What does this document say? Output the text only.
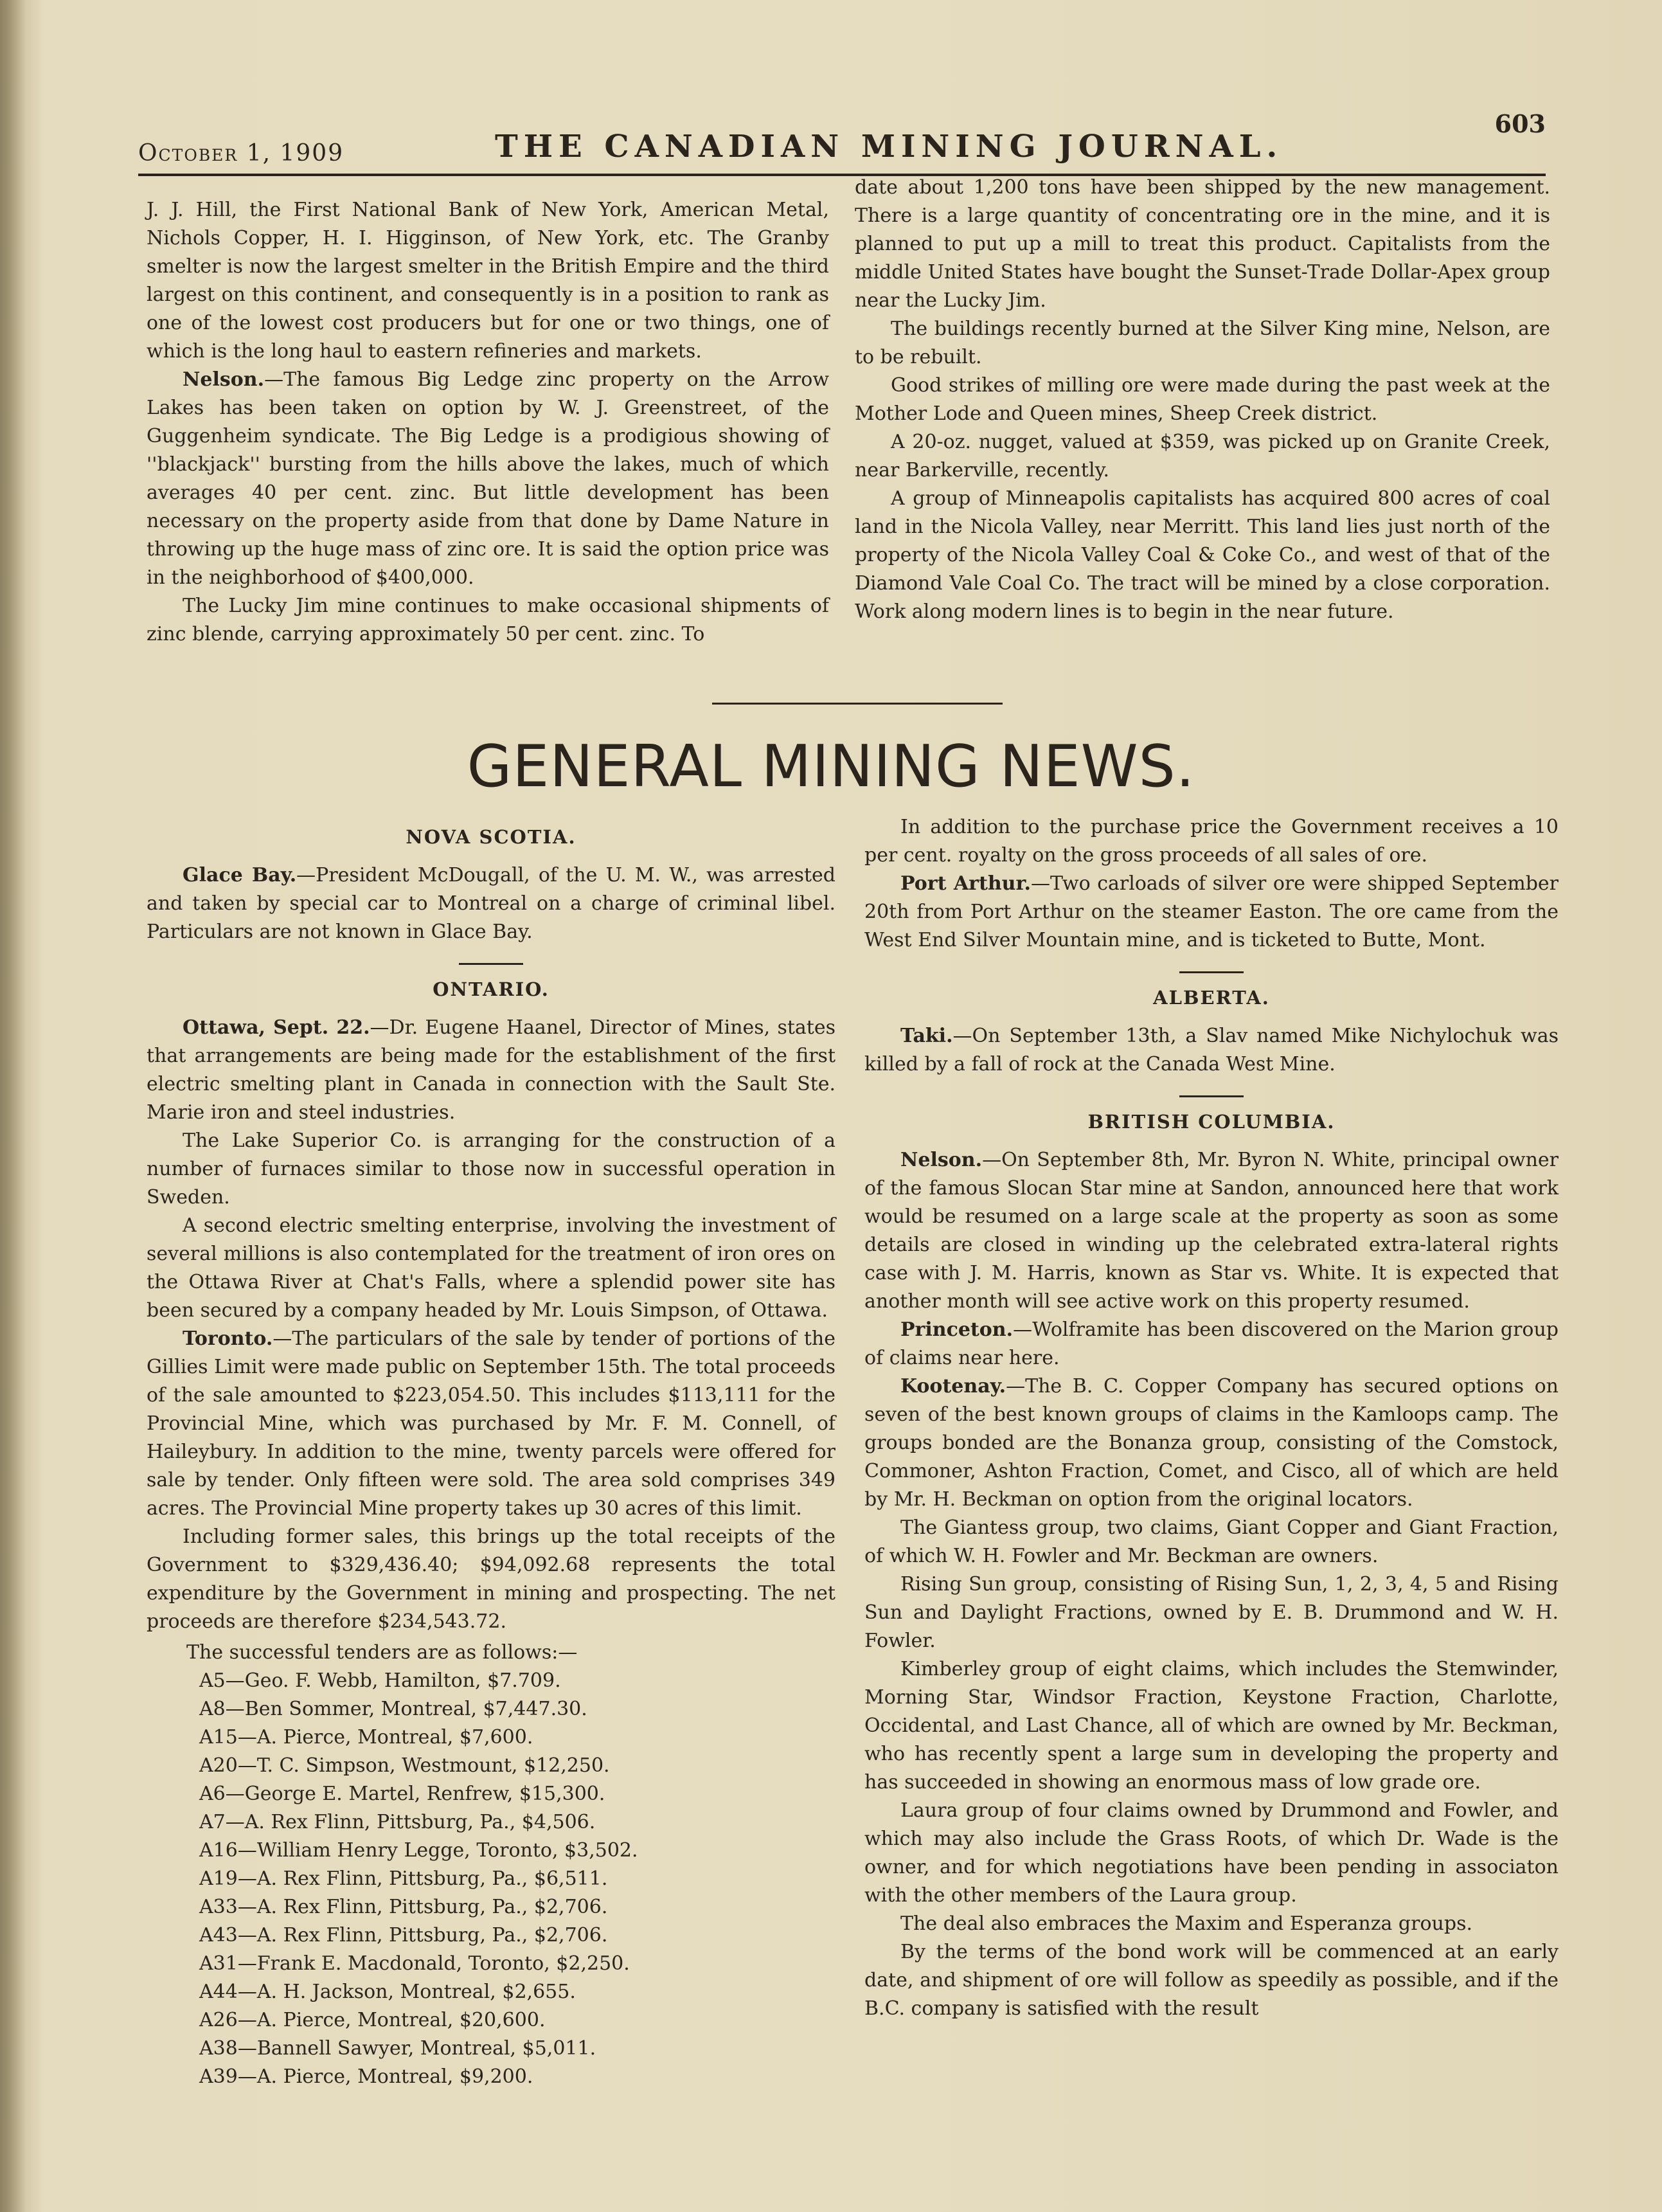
October 1, 1909	THE CANADIAN MINING JOURNAL.
603

J. J. Hill, the First National Bank of New York, American Metal, Nichols Copper, H. I. Higginson, of New York, etc. The Granby smelter is now the largest smelter in the British Empire and the third largest on this continent, and consequently is in a position to rank as one of the lowest cost producers but for one or two things, one of which is the long haul to eastern refineries and markets.

Nelson.—The famous Big Ledge zinc property on the Arrow Lakes has been taken on option by W. J. Greenstreet, of the Guggenheim syndicate. The Big Ledge is a prodigious showing of ''blackjack'' bursting from the hills above the lakes, much of which averages 40 per cent. zinc. But little development has been necessary on the property aside from that done by Dame Nature in throwing up the huge mass of zinc ore. It is said the option price was in the neighborhood of $400,000.

The Lucky Jim mine continues to make occasional shipments of zinc blende, carrying approximately 50 per cent. zinc. To

date about 1,200 tons have been shipped by the new management. There is a large quantity of concentrating ore in the mine, and it is planned to put up a mill to treat this product. Capitalists from the middle United States have bought the Sunset-Trade Dollar-Apex group near the Lucky Jim.

The buildings recently burned at the Silver King mine, Nelson, are to be rebuilt.

Good strikes of milling ore were made during the past week at the Mother Lode and Queen mines, Sheep Creek district.

A 20-oz. nugget, valued at $359, was picked up on Granite Creek, near Barkerville, recently.

A group of Minneapolis capitalists has acquired 800 acres of coal land in the Nicola Valley, near Merritt. This land lies just north of the property of the Nicola Valley Coal & Coke Co., and west of that of the Diamond Vale Coal Co. The tract will be mined by a close corporation. Work along modern lines is to begin in the near future.

GENERAL MINING NEWS.
NOVA SCOTIA.

Glace Bay.—President McDougall, of the U. M. W., was arrested and taken by special car to Montreal on a charge of criminal libel. Particulars are not known in Glace Bay.

ONTARIO.

Ottawa, Sept. 22.—Dr. Eugene Haanel, Director of Mines, states that arrangements are being made for the establishment of the first electric smelting plant in Canada in connection with the Sault Ste. Marie iron and steel industries.

The Lake Superior Co. is arranging for the construction of a number of furnaces similar to those now in successful operation in Sweden.

A second electric smelting enterprise, involving the investment of several millions is also contemplated for the treatment of iron ores on the Ottawa River at Chat's Falls, where a splendid power site has been secured by a company headed by Mr. Louis Simpson, of Ottawa.

Toronto.—The particulars of the sale by tender of portions of the Gillies Limit were made public on September 15th. The total proceeds of the sale amounted to $223,054.50. This includes $113,111 for the Provincial Mine, which was purchased by Mr. F. M. Connell, of Haileybury. In addition to the mine, twenty parcels were offered for sale by tender. Only fifteen were sold. The area sold comprises 349 acres. The Provincial Mine property takes up 30 acres of this limit.

Including former sales, this brings up the total receipts of the Government to $329,436.40; $94,092.68 represents the total expenditure by the Government in mining and prospecting. The net proceeds are therefore $234,543.72.

The successful tenders are as follows:—
A5—Geo. F. Webb, Hamilton, $7.709.
A8—Ben Sommer, Montreal, $7,447.30.
A15—A. Pierce, Montreal, $7,600.
A20—T. C. Simpson, Westmount, $12,250.
A6—George E. Martel, Renfrew, $15,300.
A7—A. Rex Flinn, Pittsburg, Pa., $4,506.
A16—William Henry Legge, Toronto, $3,502.
A19—A. Rex Flinn, Pittsburg, Pa., $6,511.
A33—A. Rex Flinn, Pittsburg, Pa., $2,706.
A43—A. Rex Flinn, Pittsburg, Pa., $2,706.
A31—Frank E. Macdonald, Toronto, $2,250.
A44—A. H. Jackson, Montreal, $2,655.
A26—A. Pierce, Montreal, $20,600.
A38—Bannell Sawyer, Montreal, $5,011.
A39—A. Pierce, Montreal, $9,200.

In addition to the purchase price the Government receives a 10 per cent. royalty on the gross proceeds of all sales of ore.

Port Arthur.—Two carloads of silver ore were shipped September 20th from Port Arthur on the steamer Easton. The ore came from the West End Silver Mountain mine, and is ticketed to Butte, Mont.

ALBERTA.

Taki.—On September 13th, a Slav named Mike Nichylochuk was killed by a fall of rock at the Canada West Mine.

BRITISH COLUMBIA.

Nelson.—On September 8th, Mr. Byron N. White, principal owner of the famous Slocan Star mine at Sandon, announced here that work would be resumed on a large scale at the property as soon as some details are closed in winding up the celebrated extra-lateral rights case with J. M. Harris, known as Star vs. White. It is expected that another month will see active work on this property resumed.

Princeton.—Wolframite has been discovered on the Marion group of claims near here.

Kootenay.—The B. C. Copper Company has secured options on seven of the best known groups of claims in the Kamloops camp. The groups bonded are the Bonanza group, consisting of the Comstock, Commoner, Ashton Fraction, Comet, and Cisco, all of which are held by Mr. H. Beckman on option from the original locators.

The Giantess group, two claims, Giant Copper and Giant Fraction, of which W. H. Fowler and Mr. Beckman are owners.

Rising Sun group, consisting of Rising Sun, 1, 2, 3, 4, 5 and Rising Sun and Daylight Fractions, owned by E. B. Drummond and W. H. Fowler.

Kimberley group of eight claims, which includes the Stemwinder, Morning Star, Windsor Fraction, Keystone Fraction, Charlotte, Occidental, and Last Chance, all of which are owned by Mr. Beckman, who has recently spent a large sum in developing the property and has succeeded in showing an enormous mass of low grade ore.

Laura group of four claims owned by Drummond and Fowler, and which may also include the Grass Roots, of which Dr. Wade is the owner, and for which negotiations have been pending in associaton with the other members of the Laura group.

The deal also embraces the Maxim and Esperanza groups.

By the terms of the bond work will be commenced at an early date, and shipment of ore will follow as speedily as possible, and if the B.C. company is satisfied with the result
